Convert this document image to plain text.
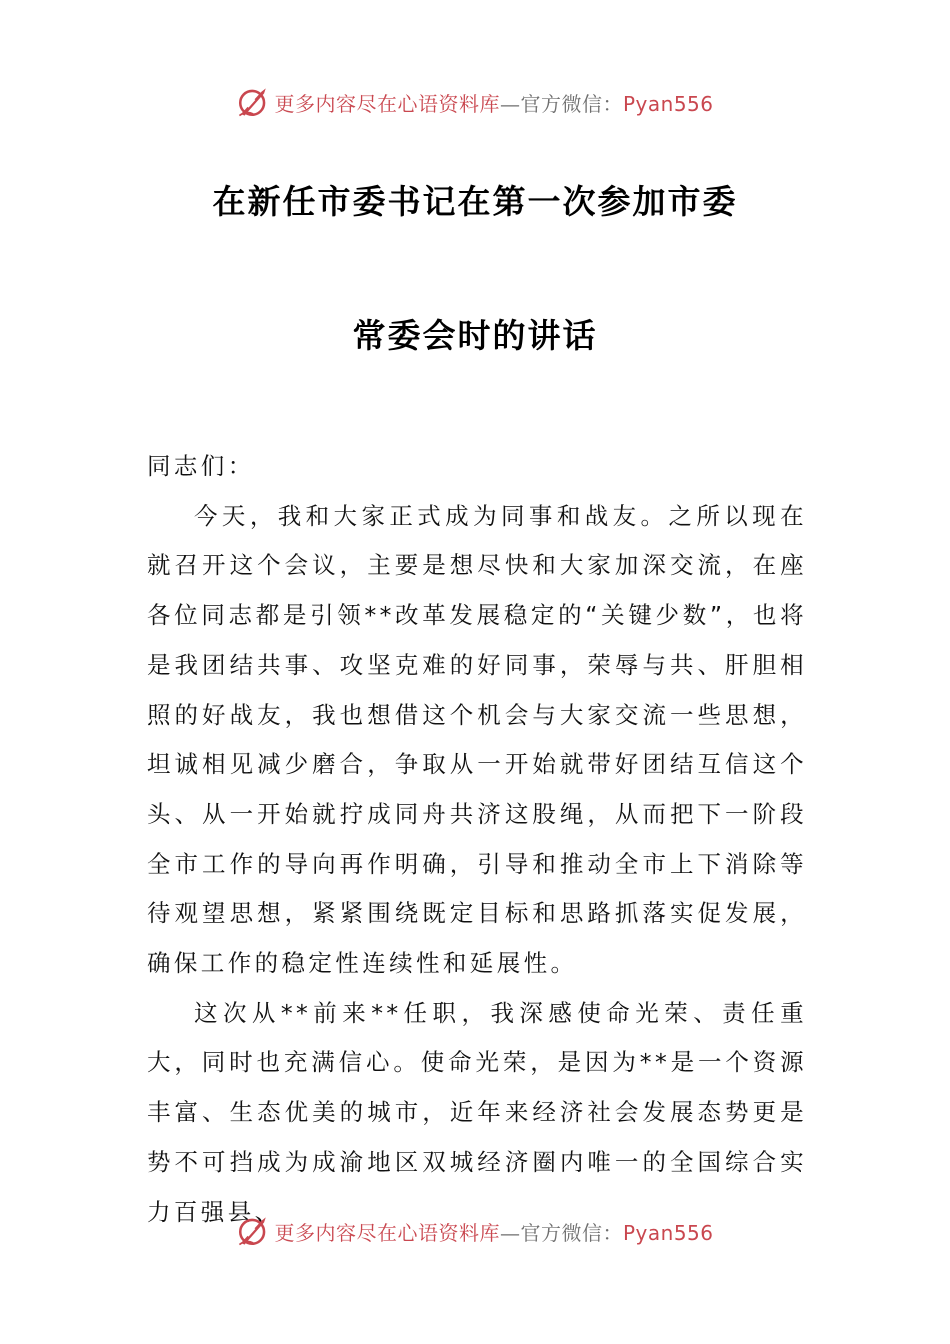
更多内容尽在心语资料库—官方微信：Pyan556
在新任市委书记在第一次参加市委
常委会时的讲话

同志们：

今天，我和大家正式成为同事和战友。之所以现在就召开这个会议，主要是想尽快和大家加深交流，在座各位同志都是引领**改革发展稳定的“关键少数”，也将是我团结共事、攻坚克难的好同事，荣辱与共、肝胆相照的好战友，我也想借这个机会与大家交流一些思想，坦诚相见减少磨合，争取从一开始就带好团结互信这个头、从一开始就拧成同舟共济这股绳，从而把下一阶段全市工作的导向再作明确，引导和推动全市上下消除等待观望思想，紧紧围绕既定目标和思路抓落实促发展，确保工作的稳定性连续性和延展性。

这次从**前来**任职，我深感使命光荣、责任重大，同时也充满信心。使命光荣，是因为**是一个资源丰富、生态优美的城市，近年来经济社会发展态势更是势不可挡成为成渝地区双城经济圈内唯一的全国综合实力百强县、

更多内容尽在心语资料库—官方微信：Pyan556
